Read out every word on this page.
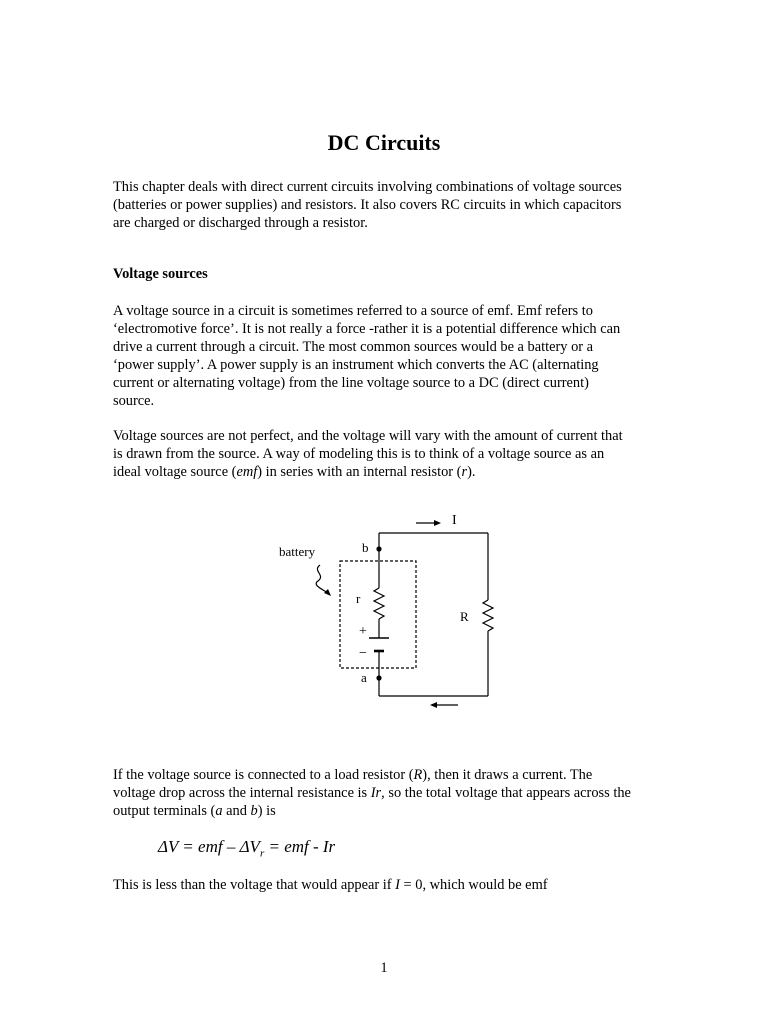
DC Circuits

This chapter deals with direct current circuits involving combinations of voltage sources
(batteries or power supplies) and resistors. It also covers RC circuits in which capacitors
are charged or discharged through a resistor.

Voltage sources

A voltage source in a circuit is sometimes referred to a source of emf. Emf refers to
‘electromotive force’. It is not really a force -rather it is a potential difference which can
drive a current through a circuit. The most common sources would be a battery or a
‘power supply’. A power supply is an instrument which converts the AC (alternating
current or alternating voltage) from the line voltage source to a DC (direct current)
source.

Voltage sources are not perfect, and the voltage will vary with the amount of current that
is drawn from the source. A way of modeling this is to think of a voltage source as an
ideal voltage source (emf) in series with an internal resistor (r).

battery
I
b
a
r
R
+
−

If the voltage source is connected to a load resistor (R), then it draws a current. The
voltage drop across the internal resistance is Ir, so the total voltage that appears across the
output terminals (a and b) is

ΔV = emf – $\Delta V_r$ = emf - Ir

This is less than the voltage that would appear if I = 0, which would be emf

1
